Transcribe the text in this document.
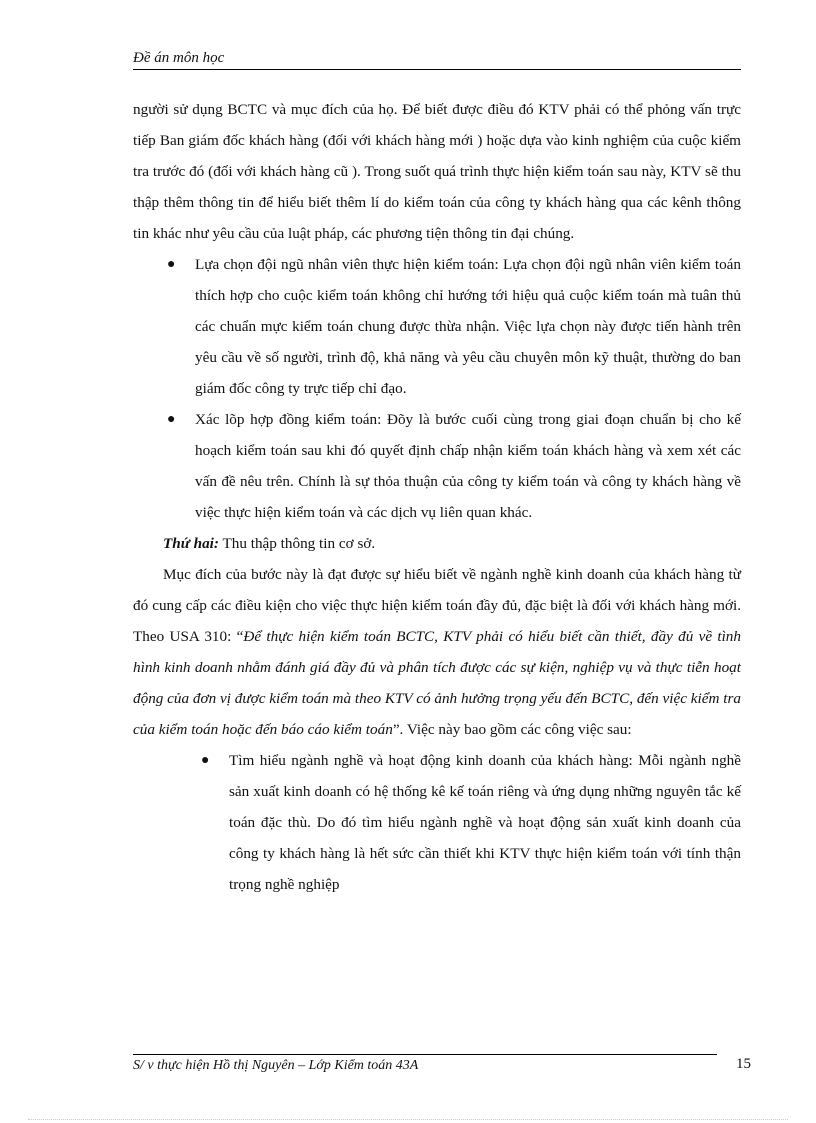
Đề án môn học

người sử dụng BCTC và mục đích của họ. Để biết được điều đó KTV phải có thể phỏng vấn trực tiếp Ban giám đốc khách hàng (đối với khách hàng mới ) hoặc dựa vào kinh nghiệm của cuộc kiểm tra trước đó (đối với khách hàng cũ ). Trong suốt quá trình thực hiện kiểm toán sau này, KTV sẽ thu thập thêm thông tin để hiểu biết thêm lí do kiểm toán của công ty khách hàng qua các kênh thông tin khác như yêu cầu của luật pháp, các phương tiện thông tin đại chúng.

● Lựa chọn đội ngũ nhân viên thực hiện kiểm toán: Lựa chọn đội ngũ nhân viên kiểm toán thích hợp cho cuộc kiểm toán không chỉ hướng tới hiệu quả cuộc kiểm toán mà tuân thủ các chuẩn mực kiểm toán chung được thừa nhận. Việc lựa chọn này được tiến hành trên yêu cầu về số người, trình độ, khả năng và yêu cầu chuyên môn kỹ thuật, thường do ban giám đốc công ty trực tiếp chỉ đạo.
● Xác lõp hợp đồng kiểm toán: Đõy là bước cuối cùng trong giai đoạn chuẩn bị cho kế hoạch kiểm toán sau khi đó quyết định chấp nhận kiểm toán khách hàng và xem xét các vấn đề nêu trên. Chính là sự thỏa thuận của công ty kiểm toán và công ty khách hàng về việc thực hiện kiểm toán và các dịch vụ liên quan khác.

Thứ hai: Thu thập thông tin cơ sở.

Mục đích của bước này là đạt được sự hiểu biết về ngành nghề kinh doanh của khách hàng từ đó cung cấp các điều kiện cho việc thực hiện kiểm toán đầy đủ, đặc biệt là đối với khách hàng mới. Theo USA 310: “Để thực hiện kiểm toán BCTC, KTV phải có hiểu biết cần thiết, đầy đủ về tình hình kinh doanh nhằm đánh giá đầy đủ và phân tích được các sự kiện, nghiệp vụ và thực tiễn hoạt động của đơn vị được kiểm toán mà theo KTV có ảnh hưởng trọng yếu đến BCTC, đến việc kiểm tra của kiểm toán hoặc đến báo cáo kiểm toán”. Việc này bao gồm các công việc sau:

● Tìm hiểu ngành nghề và hoạt động kinh doanh của khách hàng: Mỗi ngành nghề sản xuất kinh doanh có hệ thống kê kế toán riêng và ứng dụng những nguyên tắc kế toán đặc thù. Do đó tìm hiểu ngành nghề và hoạt động sản xuất kinh doanh của công ty khách hàng là hết sức cần thiết khi KTV thực hiện kiểm toán với tính thận trọng nghề nghiệp
S/ v thực hiện Hồ thị Nguyên – Lớp Kiểm toán 43A	15
